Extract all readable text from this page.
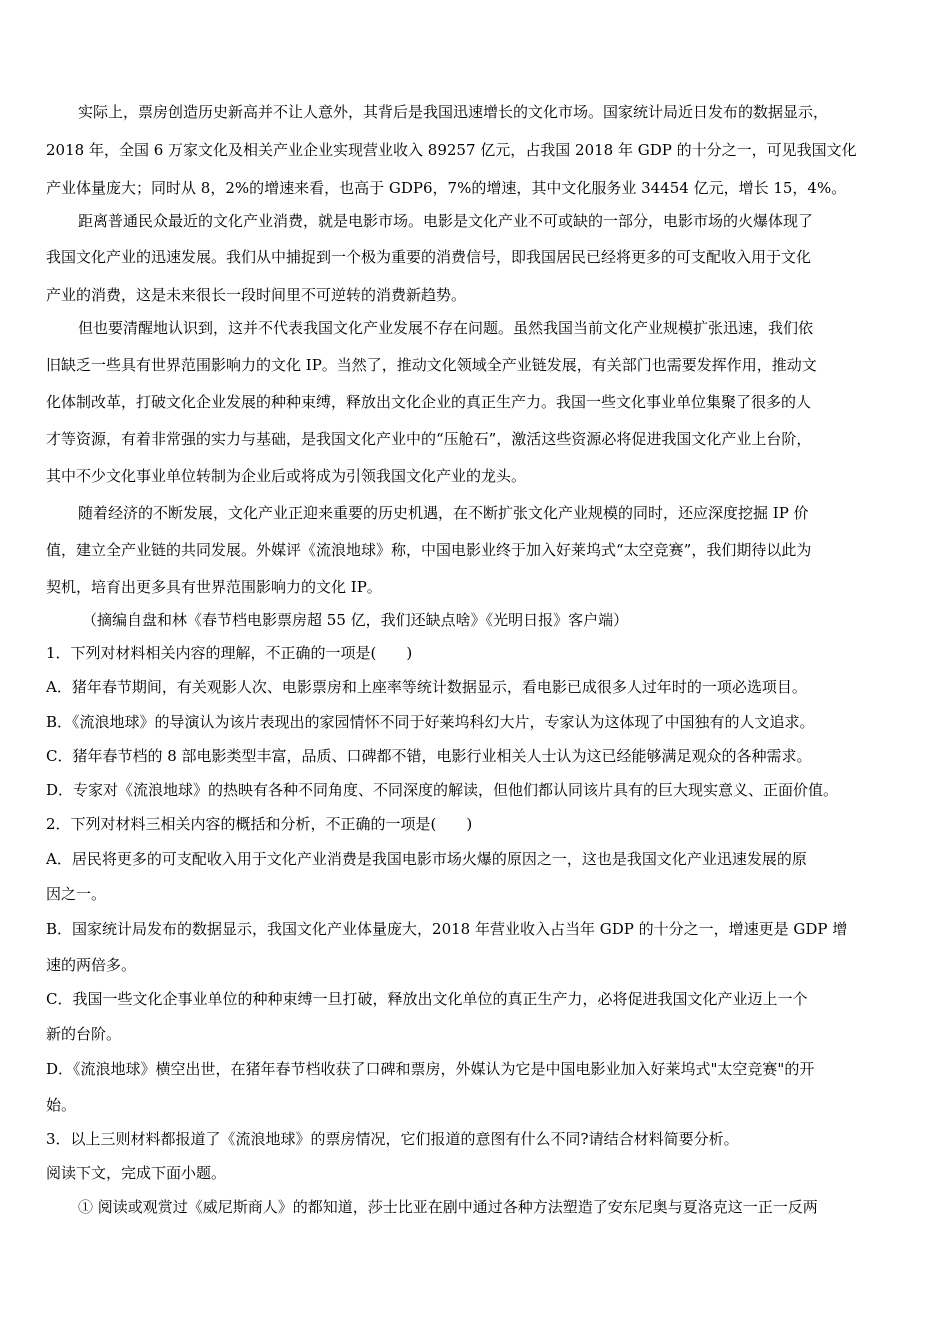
实际上，票房创造历史新高并不让人意外，其背后是我国迅速增长的文化市场。国家统计局近日发布的数据显示，
2018 年，全国 6 万家文化及相关产业企业实现营业收入 89257 亿元，占我国 2018 年 GDP 的十分之一，可见我国文化
产业体量庞大；同时从 8，2%的增速来看，也高于 GDP6，7%的增速，其中文化服务业 34454 亿元，增长 15，4%。
距离普通民众最近的文化产业消费，就是电影市场。电影是文化产业不可或缺的一部分，电影市场的火爆体现了
我国文化产业的迅速发展。我们从中捕捉到一个极为重要的消费信号，即我国居民已经将更多的可支配收入用于文化
产业的消费，这是未来很长一段时间里不可逆转的消费新趋势。
但也要清醒地认识到，这并不代表我国文化产业发展不存在问题。虽然我国当前文化产业规模扩张迅速，我们依
旧缺乏一些具有世界范围影响力的文化 IP。当然了，推动文化领域全产业链发展，有关部门也需要发挥作用，推动文
化体制改革，打破文化企业发展的种种束缚，释放出文化企业的真正生产力。我国一些文化事业单位集聚了很多的人
才等资源，有着非常强的实力与基础，是我国文化产业中的“压舱石”，激活这些资源必将促进我国文化产业上台阶，
其中不少文化事业单位转制为企业后或将成为引领我国文化产业的龙头。
随着经济的不断发展，文化产业正迎来重要的历史机遇，在不断扩张文化产业规模的同时，还应深度挖掘 IP 价
值，建立全产业链的共同发展。外媒评《流浪地球》称，中国电影业终于加入好莱坞式“太空竞赛”，我们期待以此为
契机，培育出更多具有世界范围影响力的文化 IP。
（摘编自盘和林《春节档电影票房超 55 亿，我们还缺点啥》《光明日报》客户端）
1．下列对材料相关内容的理解，不正确的一项是(　　)
A．猪年春节期间，有关观影人次、电影票房和上座率等统计数据显示，看电影已成很多人过年时的一项必选项目。
B．《流浪地球》的导演认为该片表现出的家园情怀不同于好莱坞科幻大片，专家认为这体现了中国独有的人文追求。
C．猪年春节档的 8 部电影类型丰富，品质、口碑都不错，电影行业相关人士认为这已经能够满足观众的各种需求。
D．专家对《流浪地球》的热映有各种不同角度、不同深度的解读，但他们都认同该片具有的巨大现实意义、正面价值。
2．下列对材料三相关内容的概括和分析，不正确的一项是(　　)
A．居民将更多的可支配收入用于文化产业消费是我国电影市场火爆的原因之一，这也是我国文化产业迅速发展的原
因之一。
B．国家统计局发布的数据显示，我国文化产业体量庞大，2018 年营业收入占当年 GDP 的十分之一，增速更是 GDP 增
速的两倍多。
C．我国一些文化企事业单位的种种束缚一旦打破，释放出文化单位的真正生产力，必将促进我国文化产业迈上一个
新的台阶。
D．《流浪地球》横空出世，在猪年春节档收获了口碑和票房，外媒认为它是中国电影业加入好莱坞式"太空竞赛"的开
始。
3．以上三则材料都报道了《流浪地球》的票房情况，它们报道的意图有什么不同?请结合材料简要分析。
阅读下文，完成下面小题。
① 阅读或观赏过《威尼斯商人》的都知道，莎士比亚在剧中通过各种方法塑造了安东尼奥与夏洛克这一正一反两
